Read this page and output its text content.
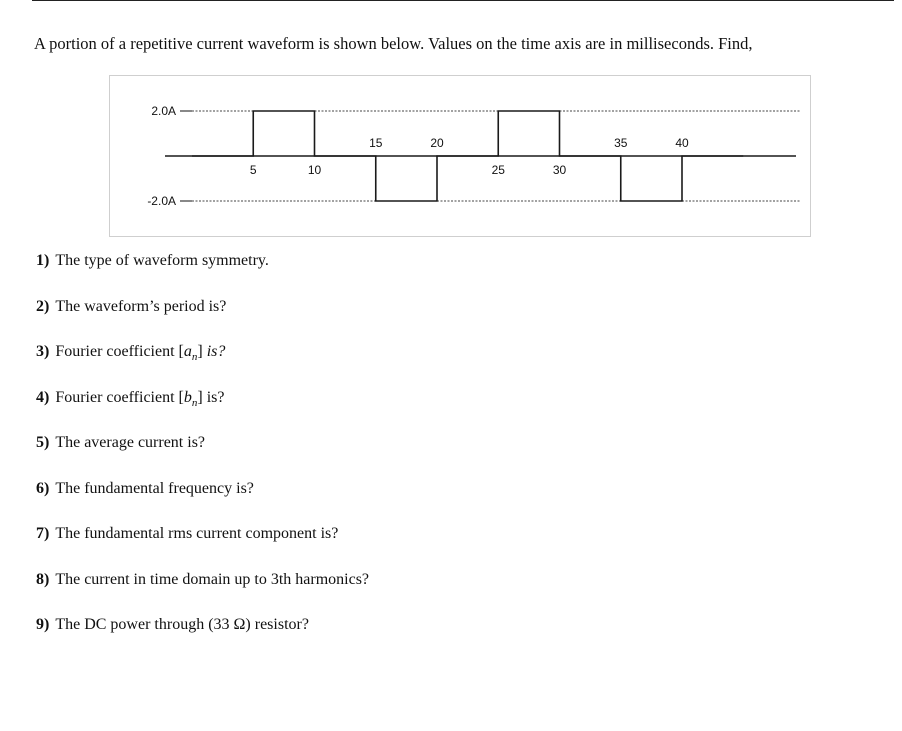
A portion of a repetitive current waveform is shown below. Values on the time axis are in milliseconds. Find,
2.0A
-2.0A
5	10
15	20
25	30
35	40
1) The type of waveform symmetry.
2) The waveform’s period is?
3) Fourier coefficient $[a_n]$ is?
4) Fourier coefficient $[b_n]$ is?
5) The average current is?
6) The fundamental frequency is?
7) The fundamental rms current component is?
8) The current in time domain up to 3th harmonics?
9) The DC power through (33 Ω) resistor?
